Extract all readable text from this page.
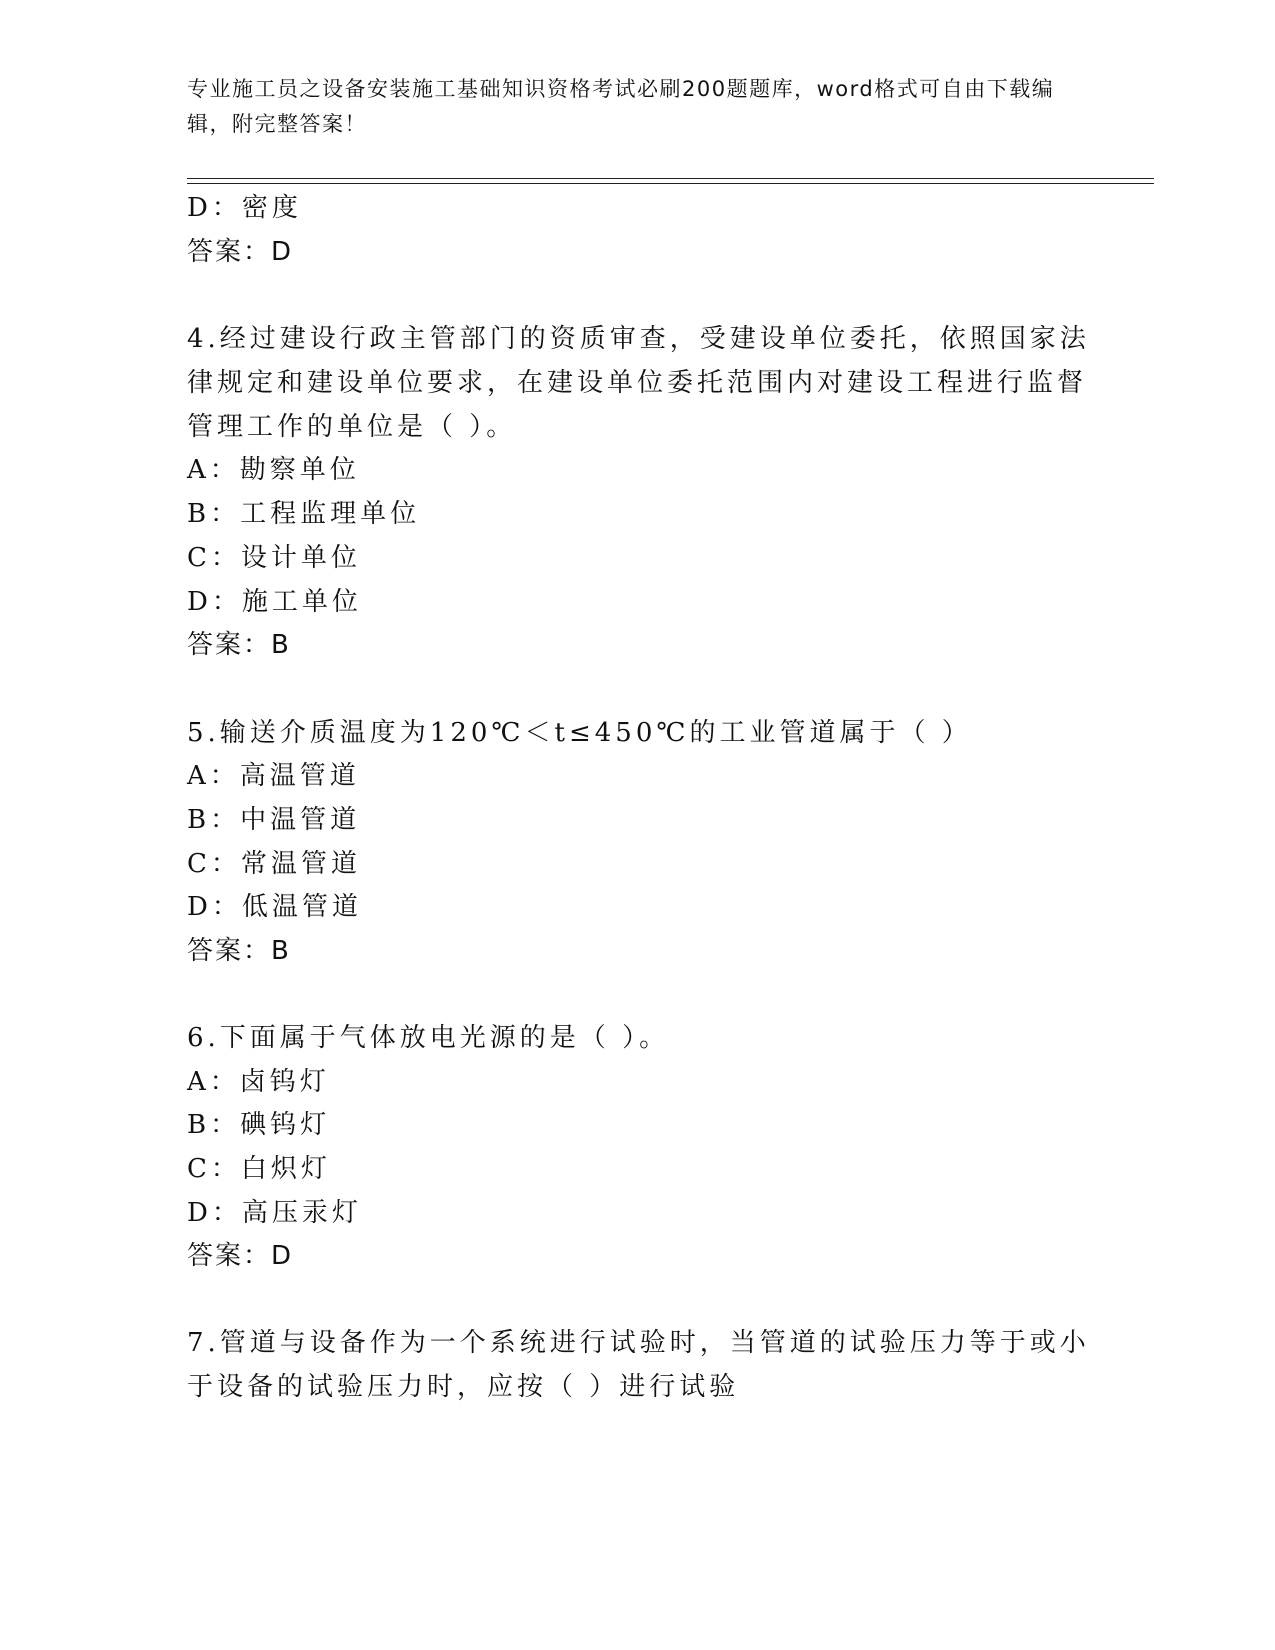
专业施工员之设备安装施工基础知识资格考试必刷200题题库，word格式可自由下载编辑，附完整答案！
D：密度
答案：D
4.经过建设行政主管部门的资质审查，受建设单位委托，依照国家法
律规定和建设单位要求，在建设单位委托范围内对建设工程进行监督
管理工作的单位是（ ）。
A：勘察单位
B：工程监理单位
C：设计单位
D：施工单位
答案：B
5.输送介质温度为120℃＜t≤450℃的工业管道属于（ ）
A：高温管道
B：中温管道
C：常温管道
D：低温管道
答案：B
6.下面属于气体放电光源的是（ ）。
A：卤钨灯
B：碘钨灯
C：白炽灯
D：高压汞灯
答案：D
7.管道与设备作为一个系统进行试验时，当管道的试验压力等于或小
于设备的试验压力时，应按（ ）进行试验
